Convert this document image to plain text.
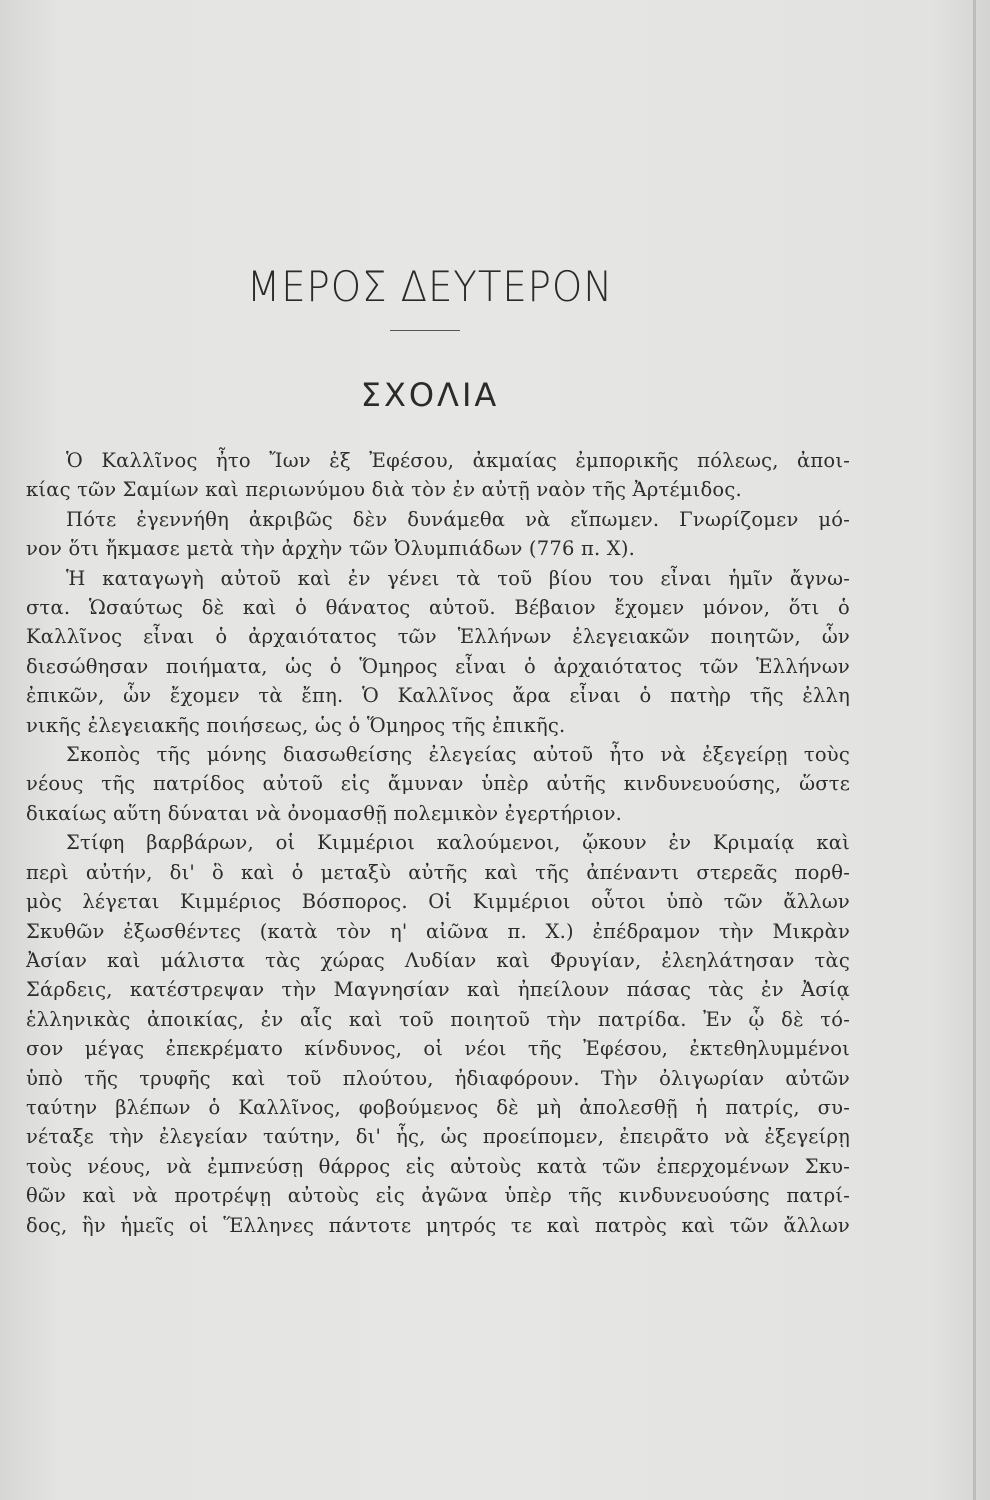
ΜΕΡΟΣ ΔΕΥΤΕΡΟΝ
ΣΧΟΛΙΑ
Ὁ Καλλῖνος ἦτο Ἴων ἐξ Ἐφέσου, ἀκμαίας ἐμπορικῆς πόλεως, ἀποι-
κίας τῶν Σαμίων καὶ περιωνύμου διὰ τὸν ἐν αὐτῇ ναὸν τῆς Ἀρτέμιδος.
Πότε ἐγεννήθη ἀκριβῶς δὲν δυνάμεθα νὰ εἴπωμεν. Γνωρίζομεν μό-
νον ὅτι ἤκμασε μετὰ τὴν ἀρχὴν τῶν Ὀλυμπιάδων (776 π. Χ).
Ἡ καταγωγὴ αὐτοῦ καὶ ἐν γένει τὰ τοῦ βίου του εἶναι ἡμῖν ἄγνω-
στα. Ὡσαύτως δὲ καὶ ὁ θάνατος αὐτοῦ. Βέβαιον ἔχομεν μόνον, ὅτι ὁ
Καλλῖνος εἶναι ὁ ἀρχαιότατος τῶν Ἑλλήνων ἐλεγειακῶν ποιητῶν, ὧν
διεσώθησαν ποιήματα, ὡς ὁ Ὅμηρος εἶναι ὁ ἀρχαιότατος τῶν Ἑλλήνων
ἐπικῶν, ὧν ἔχομεν τὰ ἔπη. Ὁ Καλλῖνος ἄρα εἶναι ὁ πατὴρ τῆς ἐλλη
νικῆς ἐλεγειακῆς ποιήσεως, ὡς ὁ Ὅμηρος τῆς ἐπικῆς.
Σκοπὸς τῆς μόνης διασωθείσης ἐλεγείας αὐτοῦ ἦτο νὰ ἐξεγείρῃ τοὺς
νέους τῆς πατρίδος αὐτοῦ εἰς ἄμυναν ὑπὲρ αὐτῆς κινδυνευούσης, ὥστε
δικαίως αὕτη δύναται νὰ ὀνομασθῇ πολεμικὸν ἐγερτήριον.
Στίφη βαρβάρων, οἱ Κιμμέριοι καλούμενοι, ᾤκουν ἐν Κριμαίᾳ καὶ
περὶ αὐτήν, δι' ὃ καὶ ὁ μεταξὺ αὐτῆς καὶ τῆς ἀπέναντι στερεᾶς πορθ-
μὸς λέγεται Κιμμέριος Βόσπορος. Οἱ Κιμμέριοι οὗτοι ὑπὸ τῶν ἄλλων
Σκυθῶν ἐξωσθέντες (κατὰ τὸν η' αἰῶνα π. Χ.) ἐπέδραμον τὴν Μικρὰν
Ἀσίαν καὶ μάλιστα τὰς χώρας Λυδίαν καὶ Φρυγίαν, ἐλεηλάτησαν τὰς
Σάρδεις, κατέστρεψαν τὴν Μαγνησίαν καὶ ἠπείλουν πάσας τὰς ἐν Ἀσίᾳ
ἑλληνικὰς ἀποικίας, ἐν αἷς καὶ τοῦ ποιητοῦ τὴν πατρίδα. Ἐν ᾧ δὲ τό-
σον μέγας ἐπεκρέματο κίνδυνος, οἱ νέοι τῆς Ἐφέσου, ἐκτεθηλυμμένοι
ὑπὸ τῆς τρυφῆς καὶ τοῦ πλούτου, ἠδιαφόρουν. Τὴν ὀλιγωρίαν αὐτῶν
ταύτην βλέπων ὁ Καλλῖνος, φοβούμενος δὲ μὴ ἀπολεσθῇ ἡ πατρίς, συ-
νέταξε τὴν ἐλεγείαν ταύτην, δι' ἧς, ὡς προείπομεν, ἐπειρᾶτο νὰ ἐξεγείρῃ
τοὺς νέους, νὰ ἐμπνεύσῃ θάρρος εἰς αὐτοὺς κατὰ τῶν ἐπερχομένων Σκυ-
θῶν καὶ νὰ προτρέψῃ αὐτοὺς εἰς ἀγῶνα ὑπὲρ τῆς κινδυνευούσης πατρί-
δος, ἣν ἡμεῖς οἱ Ἕλληνες πάντοτε μητρός τε καὶ πατρὸς καὶ τῶν ἄλλων
